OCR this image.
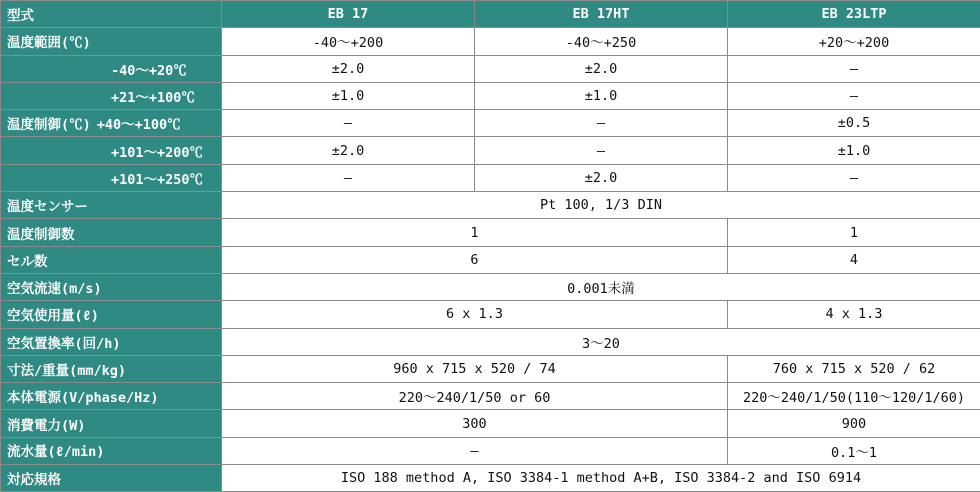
型式	EB 17	EB 17HT	EB 23LTP
温度範囲(℃)	-40～+200	-40～+250	+20～+200
-40～+20℃	±2.0	±2.0	—
+21～+100℃	±1.0	±1.0	—
温度制御(℃) +40～+100℃	—	—	±0.5
+101～+200℃	±2.0	—	±1.0
+101～+250℃	—	±2.0	—
温度センサー	Pt 100, 1/3 DIN		
温度制御数	1		1
セル数	6		4
空気流速(m/s)	0.001未満		
空気使用量(ℓ)	6 x 1.3		4 x 1.3
空気置換率(回/h)	3～20		
寸法/重量(mm/kg)	960 x 715 x 520 / 74		760 x 715 x 520 / 62
本体電源(V/phase/Hz)	220～240/1/50 or 60		220～240/1/50(110～120/1/60)
消費電力(W)	300		900
流水量(ℓ/min)	—		0.1～1
対応規格	ISO 188 method A, ISO 3384-1 method A+B, ISO 3384-2 and ISO 6914		
